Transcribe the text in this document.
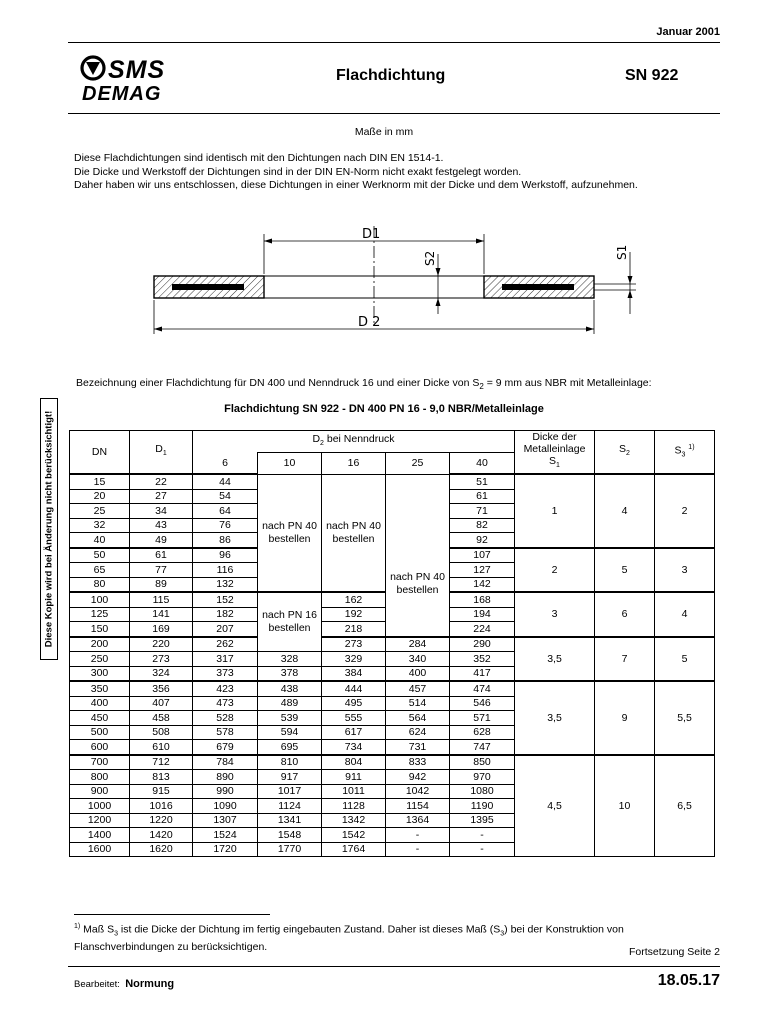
Januar 2001
SMS
DEMAG
Flachdichtung	SN 922
Maße in mm
Diese Flachdichtungen sind identisch mit den Dichtungen nach DIN EN 1514-1.
Die Dicke und Werkstoff der Dichtungen sind in der DIN EN-Norm nicht exakt festgelegt worden.
Daher haben wir uns entschlossen, diese Dichtungen in einer Werknorm mit der Dicke und dem Werkstoff, aufzunehmen.
D1
D 2
S2	S1
Bezeichnung einer Flachdichtung für DN 400 und Nenndruck 16 und einer Dicke von $S_2 = 9$ mm aus NBR mit Metalleinlage:
Flachdichtung SN 922 - DN 400 PN 16 - 9,0 NBR/Metalleinlage
Diese Kopie wird bei Änderung nicht berücksichtigt!	DN	$D_1$	$D_2$ bei Nenndruck					Dicke der
Metalleinlage
$S_1$	$S_2$	$S_3$ $^{1)}$
		6	10	16	25	40			
15	22	44	nach PN 40 bestellen	nach PN 40 bestellen		51	1	4	2
20	27	54				61			
25	34	64				71			
32	43	76				82			
40	49	86			nach PN 40 bestellen	92			
50	61	96				107	2	5	3
65	77	116				127			
80	89	132				142			
100	115	152	nach PN 16 bestellen	162		168	3	6	4
125	141	182		192		194			
150	169	207		218		224			
200	220	262		273	284	290	3,5	7	5
250	273	317	328	329	340	352			
300	324	373	378	384	400	417			
350	356	423	438	444	457	474	3,5	9	5,5
400	407	473	489	495	514	546			
450	458	528	539	555	564	571			
500	508	578	594	617	624	628			
600	610	679	695	734	731	747			
700	712	784	810	804	833	850	4,5	10	6,5
800	813	890	917	911	942	970			
900	915	990	1017	1011	1042	1080			
1000	1016	1090	1124	1128	1154	1190			
1200	1220	1307	1341	1342	1364	1395			
1400	1420	1524	1548	1542	-	-			
1600	1620	1720	1770	1764	-	-			
$^{1)}$ Maß $S_3$ ist die Dicke der Dichtung im fertig eingebauten Zustand. Daher ist dieses Maß $(S_3)$ bei der Konstruktion von Flanschverbindungen zu berücksichtigen.	Fortsetzung Seite 2
Bearbeitet: Normung	18.05.17
